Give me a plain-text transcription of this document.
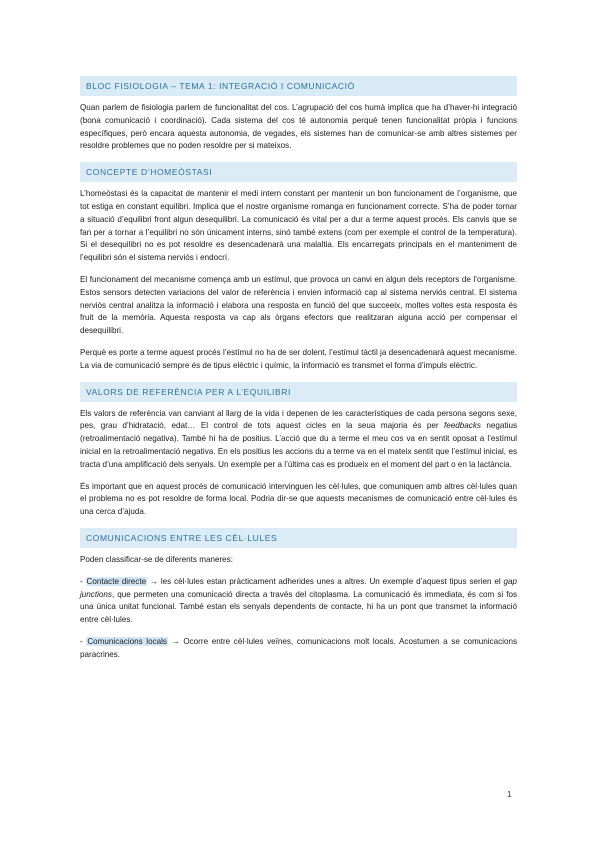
BLOC FISIOLOGIA – TEMA 1: INTEGRACIÓ I COMUNICACIÓ

Quan parlem de fisiologia parlem de funcionalitat del cos. L’agrupació del cos humà implica que ha d’haver-hi integració (bona comunicació i coordinació). Cada sistema del cos té autonomia perquè tenen funcionalitat pròpia i funcions específiques, però encara aquesta autonomia, de vegades, els sistemes han de comunicar-se amb altres sistemes per resoldre problemes que no poden resoldre per si mateixos.

CONCEPTE D’HOMEÒSTASI

L’homeòstasi és la capacitat de mantenir el medi intern constant per mantenir un bon funcionament de l’organisme, que tot estiga en constant equilibri. Implica que el nostre organisme romanga en funcionament correcte. S’ha de poder tornar a situació d’equilibri front algun desequilibri. La comunicació és vital per a dur a terme aquest procés. Els canvis que se fan per a tornar a l’equilibri no són únicament interns, sinó també extens (com per exemple el control de la temperatura). Si el desequilibri no es pot resoldre es desencadenarà una malaltia. Els encarregats principals en el manteniment de l’equilibri són el sistema nerviós i endocrí.

El funcionament del mecanisme comença amb un estímul, que provoca un canvi en algun dels receptors de l’organisme. Estos sensors detecten variacions del valor de referència i envien informació cap al sistema nerviós central. El sistema nerviós central analitza la informació i elabora una resposta en funció del que succeeix, moltes voltes esta resposta és fruit de la memòria. Aquesta resposta va cap als òrgans efectors que realitzaran alguna acció per compensar el desequilibri.

Perquè es porte a terme aquest procés l’estímul no ha de ser dolent, l’estímul tàctil ja desencadenarà aquest mecanisme. La via de comunicació sempre és de tipus elèctric i químic, la informació es transmet el forma d’impuls elèctric.

VALORS DE REFERÈNCIA PER A L’EQUILIBRI

Els valors de referència van canviant al llarg de la vida i depenen de les característiques de cada persona segons sexe, pes, grau d’hidratació, edat… El control de tots aquest cicles en la seua majoria és per feedbacks negatius (retroalimentació negativa). També hi ha de positius. L’acció que du a terme el meu cos va en sentit oposat a l’estímul inicial en la retroalimentació negativa. En els positius les accions du a terme va en el mateix sentit que l’estímul inicial, es tracta d’una amplificació dels senyals. Un exemple per a l’última cas es produeix en el moment del part o en la lactància.

És important que en aquest procés de comunicació intervinguen les cèl·lules, que comuniquen amb altres cèl·lules quan el problema no es pot resoldre de forma local. Podria dir-se que aquests mecanismes de comunicació entre cèl·lules és una cerca d’ajuda.

COMUNICACIONS ENTRE LES CÈL·LULES

Poden classificar-se de diferents maneres:

- Contacte directe → les cèl·lules estan pràcticament adherides unes a altres. Un exemple d’aquest tipus serien el gap junctions, que permeten una comunicació directa a través del citoplasma. La comunicació és immediata, és com si fos una única unitat funcional. També estan els senyals dependents de contacte, hi ha un pont que transmet la informació entre cèl·lules.

- Comunicacions locals → Ocorre entre cèl·lules veïnes, comunicacions molt locals. Acostumen a se comunicacions paracrines.

1
